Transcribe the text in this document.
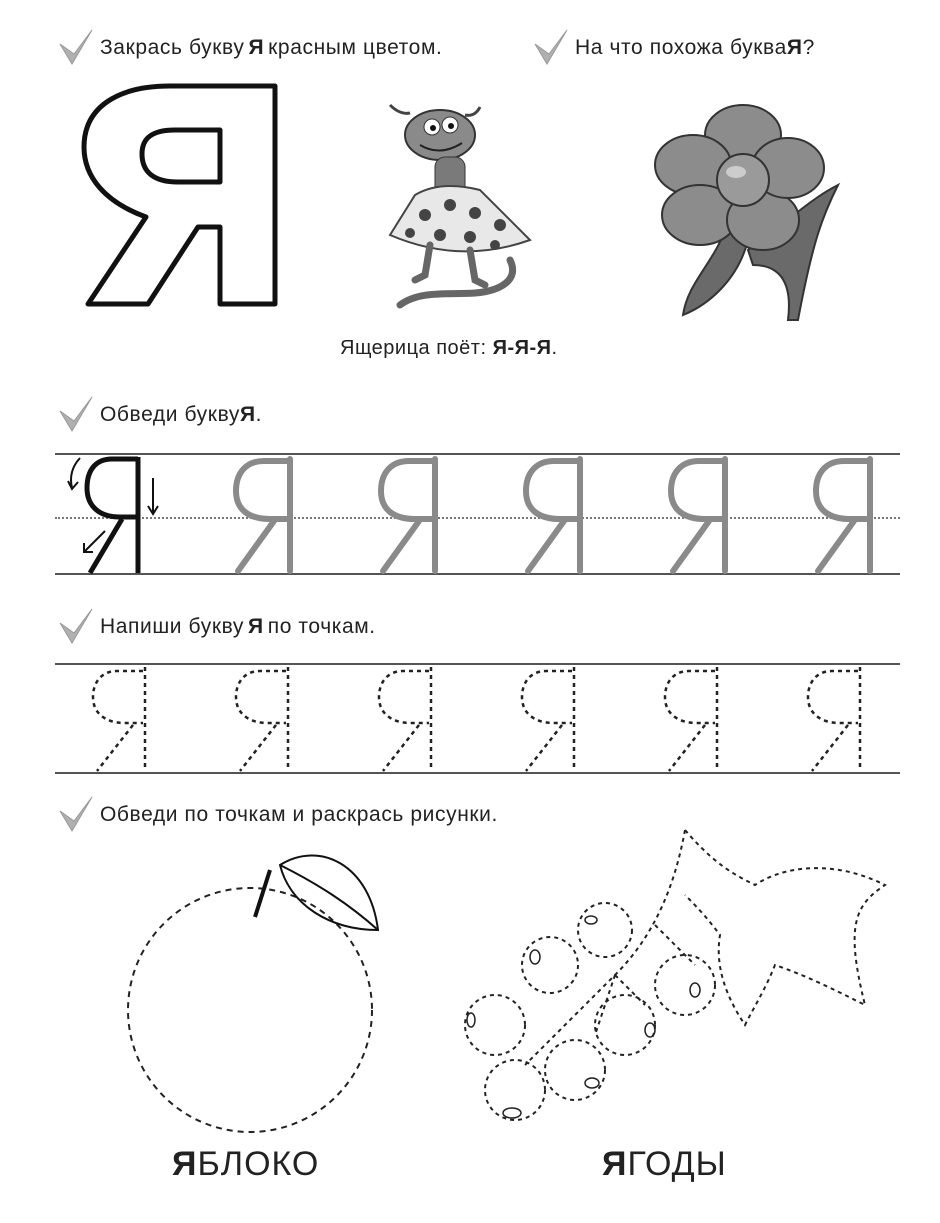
Закрась букву Я красным цветом.	На что похожа буква Я ?
Ящерица поёт: Я-Я-Я.
Обведи букву Я .
Напиши букву Я по точкам.
Обведи по точкам и раскрась рисунки.
ЯБЛОКО	ЯГОДЫ
